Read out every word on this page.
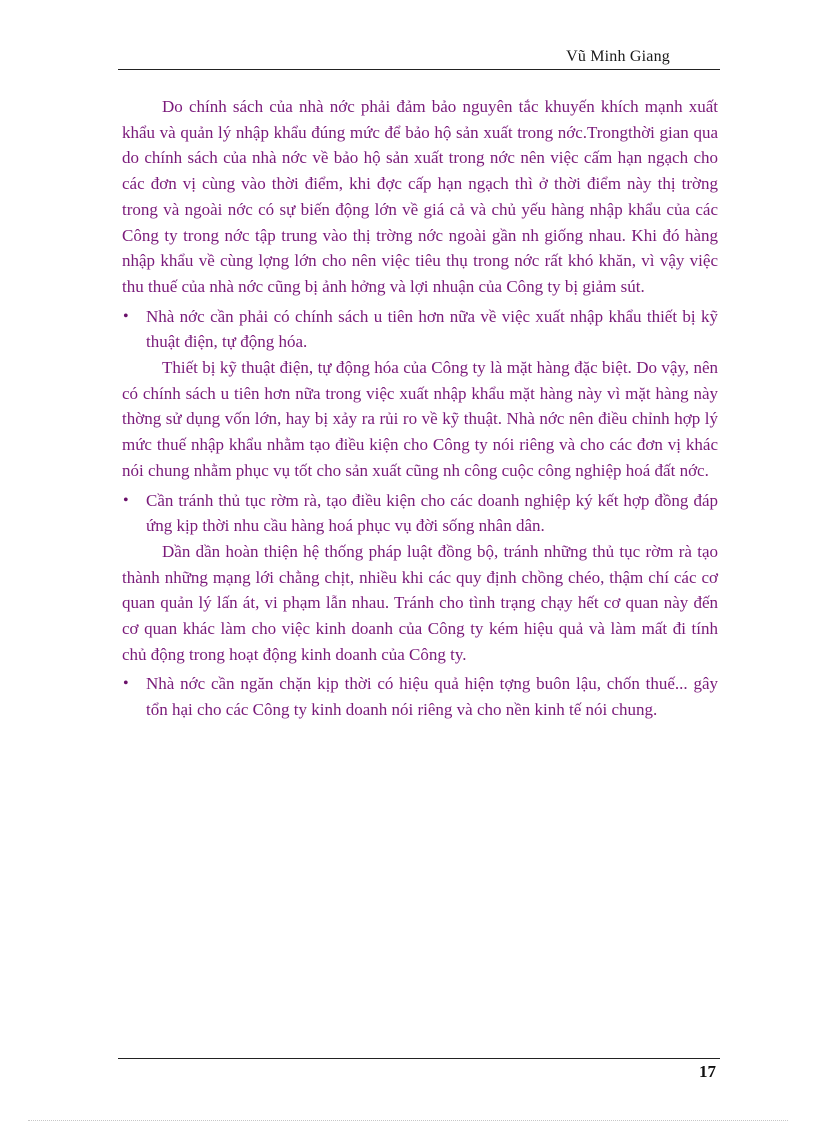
Vũ Minh Giang

Do chính sách của nhà nớc phải đảm bảo nguyên tắc khuyến khích mạnh xuất khẩu và quản lý nhập khẩu đúng mức để bảo hộ sản xuất trong nớc.Trongthời gian qua do chính sách của nhà nớc về bảo hộ sản xuất trong nớc nên việc cấm hạn ngạch cho các đơn vị cùng vào thời điểm, khi đợc cấp hạn ngạch thì ở thời điểm này thị trờng trong và ngoài nớc có sự biến động lớn về giá cả và chủ yếu hàng nhập khẩu của các Công ty trong nớc tập trung vào thị trờng nớc ngoài gần nh giống nhau. Khi đó hàng nhập khẩu về cùng lợng lớn cho nên việc tiêu thụ trong nớc rất khó khăn, vì vậy việc thu thuế của nhà nớc cũng bị ảnh hởng và lợi nhuận của Công ty bị giảm sút.

• Nhà nớc cần phải có chính sách u tiên hơn nữa về việc xuất nhập khẩu thiết bị kỹ thuật điện, tự động hóa.

Thiết bị kỹ thuật điện, tự động hóa của Công ty là mặt hàng đặc biệt. Do vậy, nên có chính sách u tiên hơn nữa trong việc xuất nhập khẩu mặt hàng này vì mặt hàng này thờng sử dụng vốn lớn, hay bị xảy ra rủi ro về kỹ thuật. Nhà nớc nên điều chỉnh hợp lý mức thuế nhập khẩu nhằm tạo điều kiện cho Công ty nói riêng và cho các đơn vị khác nói chung nhằm phục vụ tốt cho sản xuất cũng nh công cuộc công nghiệp hoá đất nớc.

• Cần tránh thủ tục rờm rà, tạo điều kiện cho các doanh nghiệp ký kết hợp đồng đáp ứng kịp thời nhu cầu hàng hoá phục vụ đời sống nhân dân.

Dần dần hoàn thiện hệ thống pháp luật đồng bộ, tránh những thủ tục rờm rà tạo thành những mạng lới chằng chịt, nhiều khi các quy định chồng chéo, thậm chí các cơ quan quản lý lấn át, vi phạm lẫn nhau. Tránh cho tình trạng chạy hết cơ quan này đến cơ quan khác làm cho việc kinh doanh của Công ty kém hiệu quả và làm mất đi tính chủ động trong hoạt động kinh doanh của Công ty.

• Nhà nớc cần ngăn chặn kịp thời có hiệu quả hiện tợng buôn lậu, chốn thuế... gây tổn hại cho các Công ty kinh doanh nói riêng và cho nền kinh tế nói chung.
17
